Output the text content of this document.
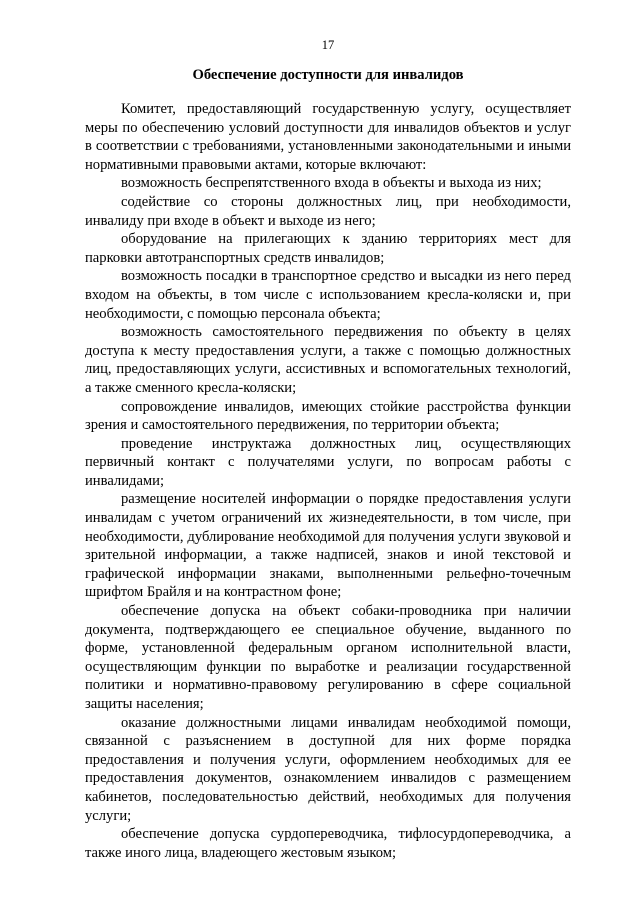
17
Обеспечение доступности для инвалидов

Комитет, предоставляющий государственную услугу, осуществляет меры по обеспечению условий доступности для инвалидов объектов и услуг в соответствии с требованиями, установленными законодательными и иными нормативными правовыми актами, которые включают:

возможность беспрепятственного входа в объекты и выхода из них;

содействие со стороны должностных лиц, при необходимости, инвалиду при входе в объект и выходе из него;

оборудование на прилегающих к зданию территориях мест для парковки автотранспортных средств инвалидов;

возможность посадки в транспортное средство и высадки из него перед входом на объекты, в том числе с использованием кресла-коляски и, при необходимости, с помощью персонала объекта;

возможность самостоятельного передвижения по объекту в целях доступа к месту предоставления услуги, а также с помощью должностных лиц, предоставляющих услуги, ассистивных и вспомогательных технологий, а также сменного кресла-коляски;

сопровождение инвалидов, имеющих стойкие расстройства функции зрения и самостоятельного передвижения, по территории объекта;

проведение инструктажа должностных лиц, осуществляющих первичный контакт с получателями услуги, по вопросам работы с инвалидами;

размещение носителей информации о порядке предоставления услуги инвалидам с учетом ограничений их жизнедеятельности, в том числе, при необходимости, дублирование необходимой для получения услуги звуковой и зрительной информации, а также надписей, знаков и иной текстовой и графической информации знаками, выполненными рельефно-точечным шрифтом Брайля и на контрастном фоне;

обеспечение допуска на объект собаки-проводника при наличии документа, подтверждающего ее специальное обучение, выданного по форме, установленной федеральным органом исполнительной власти, осуществляющим функции по выработке и реализации государственной политики и нормативно-правовому регулированию в сфере социальной защиты населения;

оказание должностными лицами инвалидам необходимой помощи, связанной с разъяснением в доступной для них форме порядка предоставления и получения услуги, оформлением необходимых для ее предоставления документов, ознакомлением инвалидов с размещением кабинетов, последовательностью действий, необходимых для получения услуги;

обеспечение допуска сурдопереводчика, тифлосурдопереводчика, а также иного лица, владеющего жестовым языком;
